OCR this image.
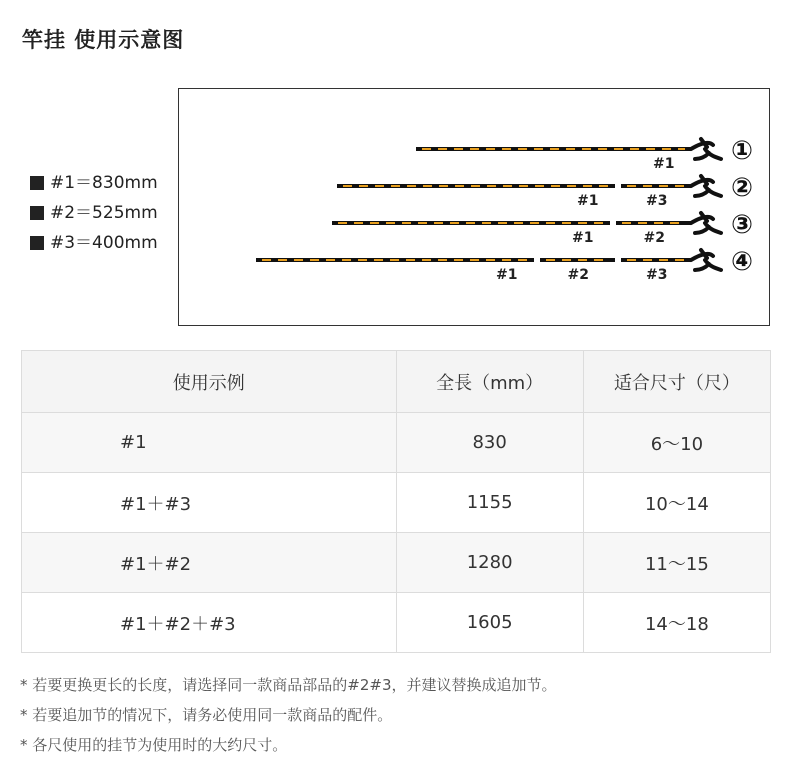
竿挂 使用示意图
#1＝830mm
#2＝525mm
#3＝400mm
#1 ①
#3
#1	②
#2
#1	③
#3
#2
#1	④
使用示例	全長（mm）	适合尺寸（尺）
#1	830	6〜10
#1＋#3	1155	10〜14
#1＋#2	1280	11〜15
#1＋#2＋#3	1605	14〜18
* 若要更换更长的长度，请选择同一款商品部品的#2#3，并建议替换成追加节。
* 若要追加节的情况下，请务必使用同一款商品的配件。
* 各尺使用的挂节为使用时的大约尺寸。
